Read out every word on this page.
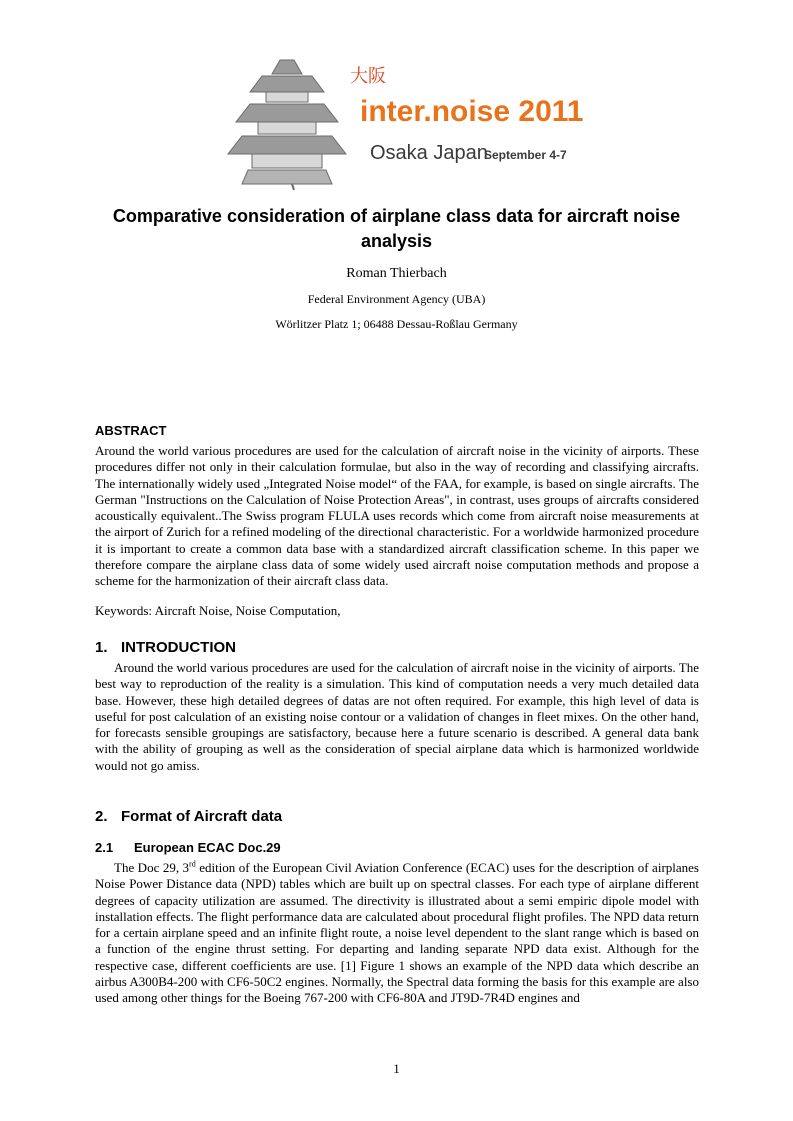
大阪
inter.noise 2011
Osaka Japan
September 4-7
Comparative consideration of airplane class data for aircraft noise analysis
Roman Thierbach
Federal Environment Agency (UBA)
Wörlitzer Platz 1; 06488 Dessau-Roßlau Germany
ABSTRACT
Around the world various procedures are used for the calculation of aircraft noise in the vicinity of airports. These procedures differ not only in their calculation formulae, but also in the way of recording and classifying aircrafts. The internationally widely used „Integrated Noise model“ of the FAA, for example, is based on single aircrafts. The German "Instructions on the Calculation of Noise Protection Areas", in contrast, uses groups of aircrafts considered acoustically equivalent..The Swiss program FLULA uses records which come from aircraft noise measurements at the airport of Zurich for a refined modeling of the directional characteristic. For a worldwide harmonized procedure it is important to create a common data base with a standardized aircraft classification scheme. In this paper we therefore compare the airplane class data of some widely used aircraft noise computation methods and propose a scheme for the harmonization of their aircraft class data.
Keywords: Aircraft Noise, Noise Computation,
1. INTRODUCTION
Around the world various procedures are used for the calculation of aircraft noise in the vicinity of airports. The best way to reproduction of the reality is a simulation. This kind of computation needs a very much detailed data base. However, these high detailed degrees of datas are not often required. For example, this high level of data is useful for post calculation of an existing noise contour or a validation of changes in fleet mixes. On the other hand, for forecasts sensible groupings are satisfactory, because here a future scenario is described. A general data bank with the ability of grouping as well as the consideration of special airplane data which is harmonized worldwide would not go amiss.
2. Format of Aircraft data
2.1 European ECAC Doc.29
The Doc 29, 3rd edition of the European Civil Aviation Conference (ECAC) uses for the description of airplanes Noise Power Distance data (NPD) tables which are built up on spectral classes. For each type of airplane different degrees of capacity utilization are assumed. The directivity is illustrated about a semi empiric dipole model with installation effects. The flight performance data are calculated about procedural flight profiles. The NPD data return for a certain airplane speed and an infinite flight route, a noise level dependent to the slant range which is based on a function of the engine thrust setting. For departing and landing separate NPD data exist. Although for the respective case, different coefficients are use. [1] Figure 1 shows an example of the NPD data which describe an airbus A300B4-200 with CF6-50C2 engines. Normally, the Spectral data forming the basis for this example are also used among other things for the Boeing 767-200 with CF6-80A and JT9D-7R4D engines and
1
